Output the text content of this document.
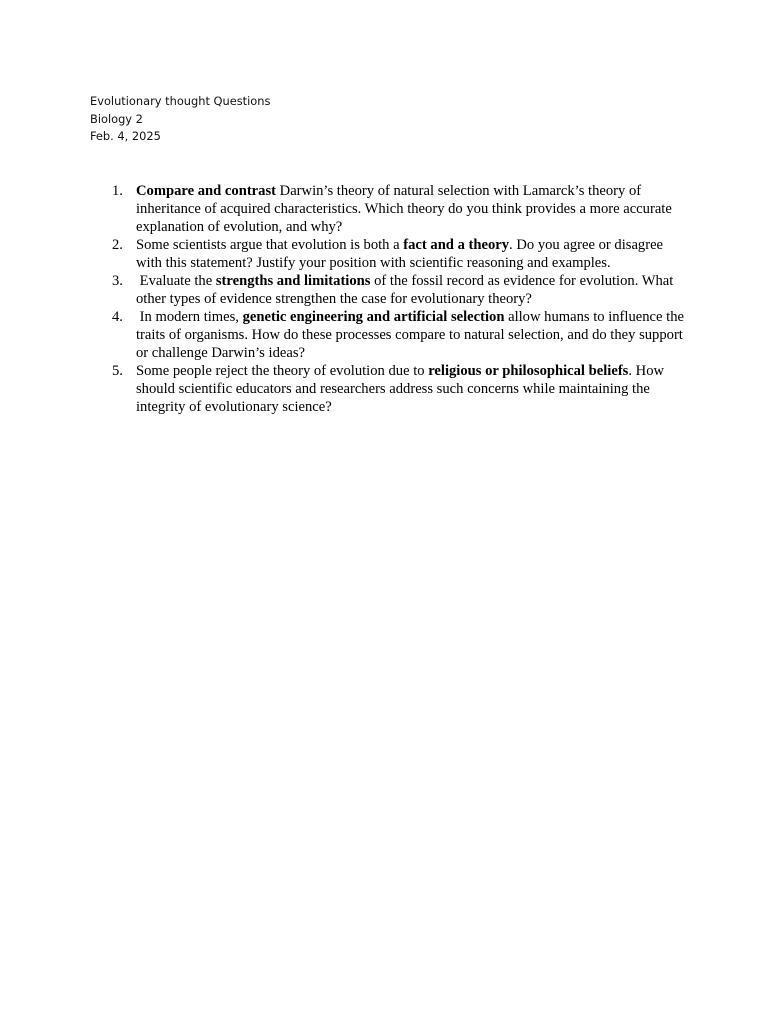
Evolutionary thought Questions
Biology 2
Feb. 4, 2025
1. Compare and contrast Darwin’s theory of natural selection with Lamarck’s theory of inheritance of acquired characteristics. Which theory do you think provides a more accurate explanation of evolution, and why?
2. Some scientists argue that evolution is both a fact and a theory. Do you agree or disagree with this statement? Justify your position with scientific reasoning and examples.
3. Evaluate the strengths and limitations of the fossil record as evidence for evolution. What other types of evidence strengthen the case for evolutionary theory?
4. In modern times, genetic engineering and artificial selection allow humans to influence the traits of organisms. How do these processes compare to natural selection, and do they support or challenge Darwin’s ideas?
5. Some people reject the theory of evolution due to religious or philosophical beliefs. How should scientific educators and researchers address such concerns while maintaining the integrity of evolutionary science?
